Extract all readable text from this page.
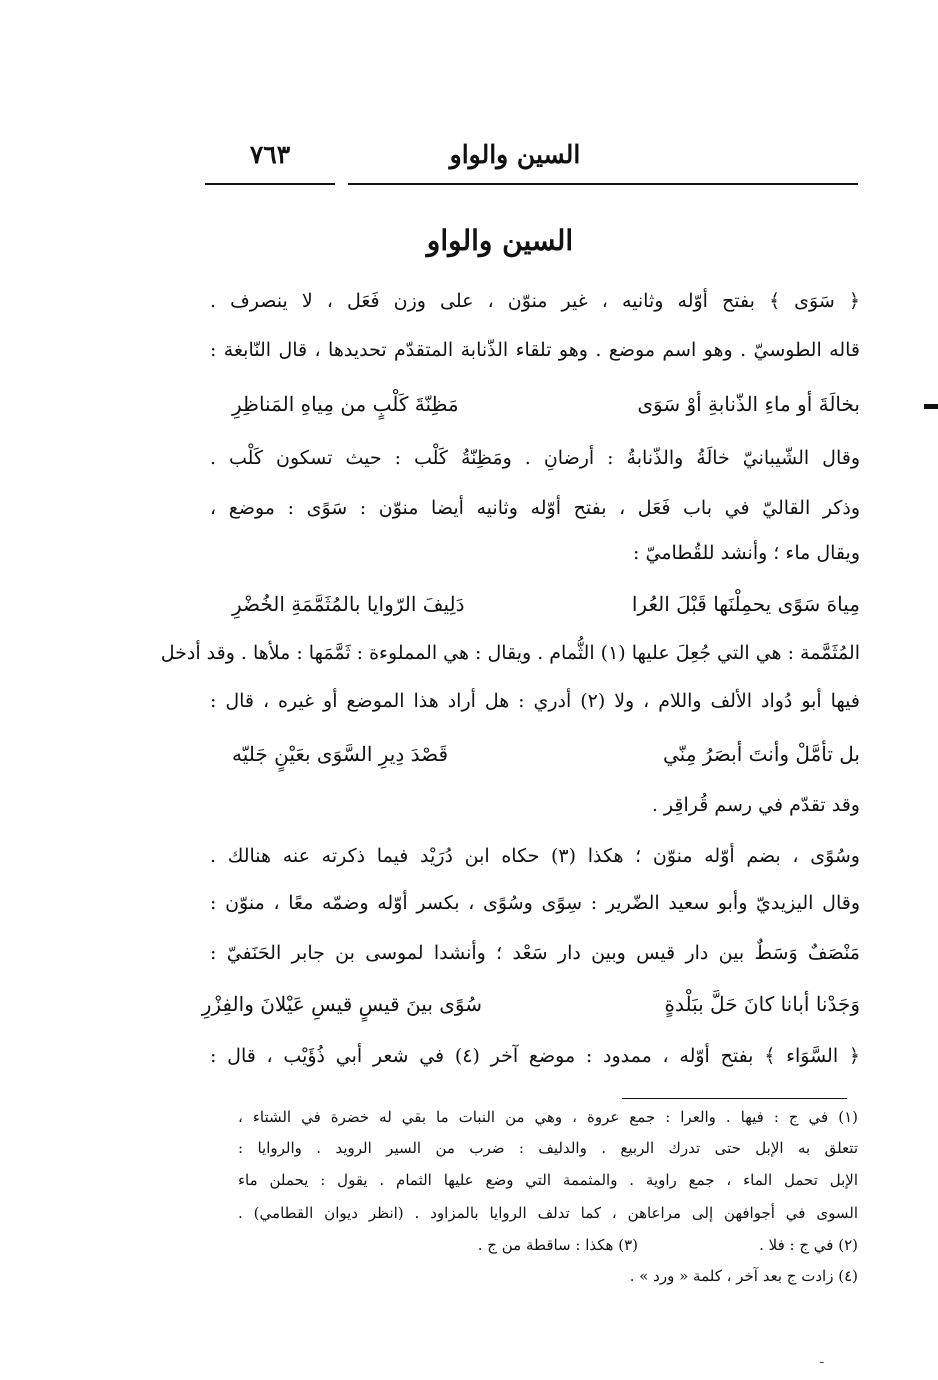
السين والواو
٧٦٣
السين والواو
﴿ سَوَى ﴾ بفتح أوّله وثانيه ، غير منوّن ، على وزن فَعَل ، لا ينصرف .
قاله الطوسيّ . وهو اسم موضع . وهو تلقاء الذّنابة المتقدّم تحديدها ، قال النّابغة :
بخالَةَ أو ماءِ الذّنابةِ أوْ سَوَى
مَظِنّةَ كَلْبٍ من مِياهِ المَناظِرِ
وقال الشّيبانيّ خالَةُ والذّنابةُ : أرضانِ . ومَظِنّةُ كَلْب : حيث تسكون كَلْب .
وذكر القاليّ في باب فَعَل ، بفتح أوّله وثانيه أيضا منوّن : سَوًى : موضع ،
ويقال ماء ؛ وأنشد للقُطاميّ :
مِياهَ سَوًى يحمِلْنَها قَبْلَ العُرا
دَلِيفَ الرّوايا بالمُثَمَّمَةِ الخُضْرِ
المُثَمَّمة : هي التي جُعِلَ عليها (١) الثُّمام . ويقال : هي المملوءة : ثَمَّمَها : ملأها . وقد أدخل
فيها أبو دُواد الألف واللام ، ولا (٢) أدري : هل أراد هذا الموضع أو غيره ، قال :
بل تأمَّلْ وأنتَ أبصَرُ مِنّي
قَصْدَ دِيرِ السَّوَى بعَيْنٍ جَليّه
وقد تقدّم في رسم قُراقِر .
وسُوًى ، بضم أوّله منوّن ؛ هكذا (٣) حكاه ابن دُرَيْد فيما ذكرته عنه هنالك .
وقال اليزيديّ وأبو سعيد الضّرير : سِوًى وسُوًى ، بكسر أوّله وضمّه معًا ، منوّن :
مَنْصَفٌ وَسَطٌ بين دار قيس وبين دار سَعْد ؛ وأنشدا لموسى بن جابر الحَنَفيّ :
وَجَدْنا أبانا كانَ حَلَّ ببَلْدةٍ
سُوًى بينَ قيسٍ قيسِ عَيْلانَ والفِزْرِ
﴿ السَّوَاء ﴾ بفتح أوّله ، ممدود : موضع آخر (٤) في شعر أبي ذُؤَيْب ، قال :
(١) في ج : فيها . والعرا : جمع عروة ، وهي من النبات ما بقي له خضرة في الشتاء ،
تتعلق به الإبل حتى تدرك الربيع . والدليف : ضرب من السير الرويد . والروايا :
الإبل تحمل الماء ، جمع راوية . والمثممة التي وضع عليها الثمام . يقول : يحملن ماء
السوى في أجوافهن إلى مراعاهن ، كما تدلف الروايا بالمزاود . (انظر ديوان القطامي) .
(٢) في ج : فلا .
(٣) هكذا : ساقطة من ج .
(٤) زادت ج بعد آخر ، كلمة « ورد » .
ـ
